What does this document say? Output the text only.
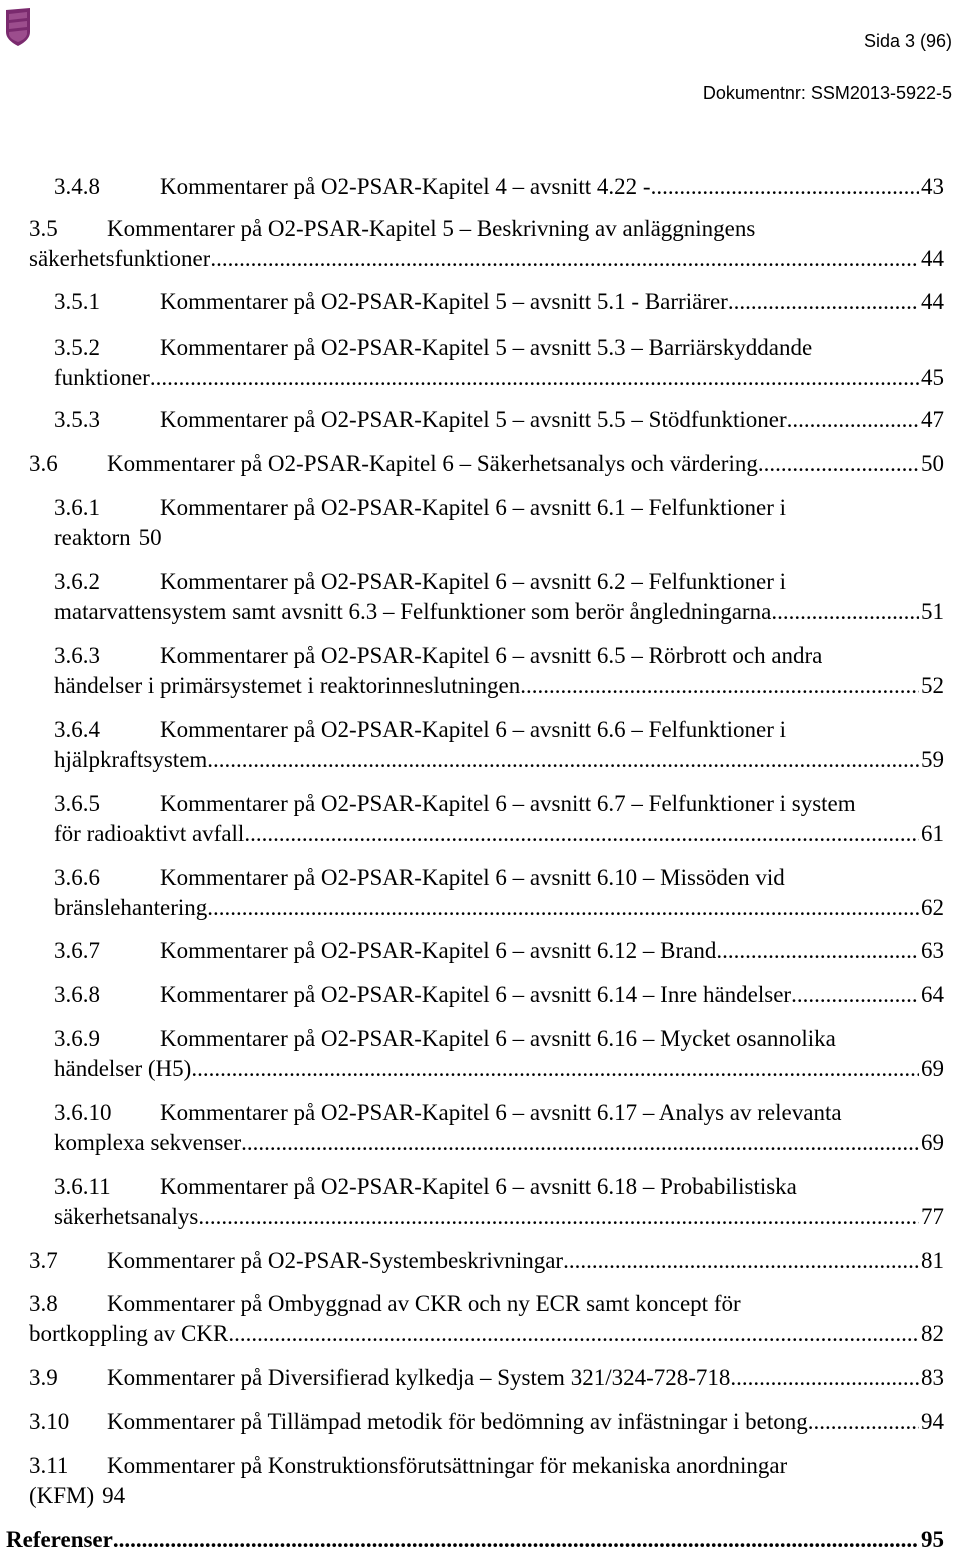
Sida 3 (96)
Dokumentnr: SSM2013-5922-5
3.4.8	Kommentarer på O2-PSAR-Kapitel 4 – avsnitt 4.22 - .....	43
3.5	Kommentarer på O2-PSAR-Kapitel 5 – Beskrivning av anläggningens
säkerhetsfunktioner .....	44
3.5.1	Kommentarer på O2-PSAR-Kapitel 5 – avsnitt 5.1 - Barriärer .....	44
3.5.2	Kommentarer på O2-PSAR-Kapitel 5 – avsnitt 5.3 – Barriärskyddande
funktioner .....	45
3.5.3	Kommentarer på O2-PSAR-Kapitel 5 – avsnitt 5.5 – Stödfunktioner .....	47
3.6	Kommentarer på O2-PSAR-Kapitel 6 – Säkerhetsanalys och värdering .....	50
3.6.1	Kommentarer på O2-PSAR-Kapitel 6 – avsnitt 6.1 – Felfunktioner i
reaktorn 50
3.6.2	Kommentarer på O2-PSAR-Kapitel 6 – avsnitt 6.2 – Felfunktioner i
matarvattensystem samt avsnitt 6.3 – Felfunktioner som berör ångledningarna .....	51
3.6.3	Kommentarer på O2-PSAR-Kapitel 6 – avsnitt 6.5 – Rörbrott och andra
händelser i primärsystemet i reaktorinneslutningen .....	52
3.6.4	Kommentarer på O2-PSAR-Kapitel 6 – avsnitt 6.6 – Felfunktioner i
hjälpkraftsystem .....	59
3.6.5	Kommentarer på O2-PSAR-Kapitel 6 – avsnitt 6.7 – Felfunktioner i system
för radioaktivt avfall .....	61
3.6.6	Kommentarer på O2-PSAR-Kapitel 6 – avsnitt 6.10 – Missöden vid
bränslehantering .....	62
3.6.7	Kommentarer på O2-PSAR-Kapitel 6 – avsnitt 6.12 – Brand .....	63
3.6.8	Kommentarer på O2-PSAR-Kapitel 6 – avsnitt 6.14 – Inre händelser .....	64
3.6.9	Kommentarer på O2-PSAR-Kapitel 6 – avsnitt 6.16 – Mycket osannolika
händelser (H5) .....	69
3.6.10	Kommentarer på O2-PSAR-Kapitel 6 – avsnitt 6.17 – Analys av relevanta
komplexa sekvenser .....	69
3.6.11	Kommentarer på O2-PSAR-Kapitel 6 – avsnitt 6.18 – Probabilistiska
säkerhetsanalys .....	77
3.7	Kommentarer på O2-PSAR-Systembeskrivningar .....	81
3.8	Kommentarer på Ombyggnad av CKR och ny ECR samt koncept för
bortkoppling av CKR .....	82
3.9	Kommentarer på Diversifierad kylkedja – System 321/324-728-718 .....	83
3.10	Kommentarer på Tillämpad metodik för bedömning av infästningar i betong. .....	94
3.11	Kommentarer på Konstruktionsförutsättningar för mekaniska anordningar
(KFM) 94
Referenser .....	95
